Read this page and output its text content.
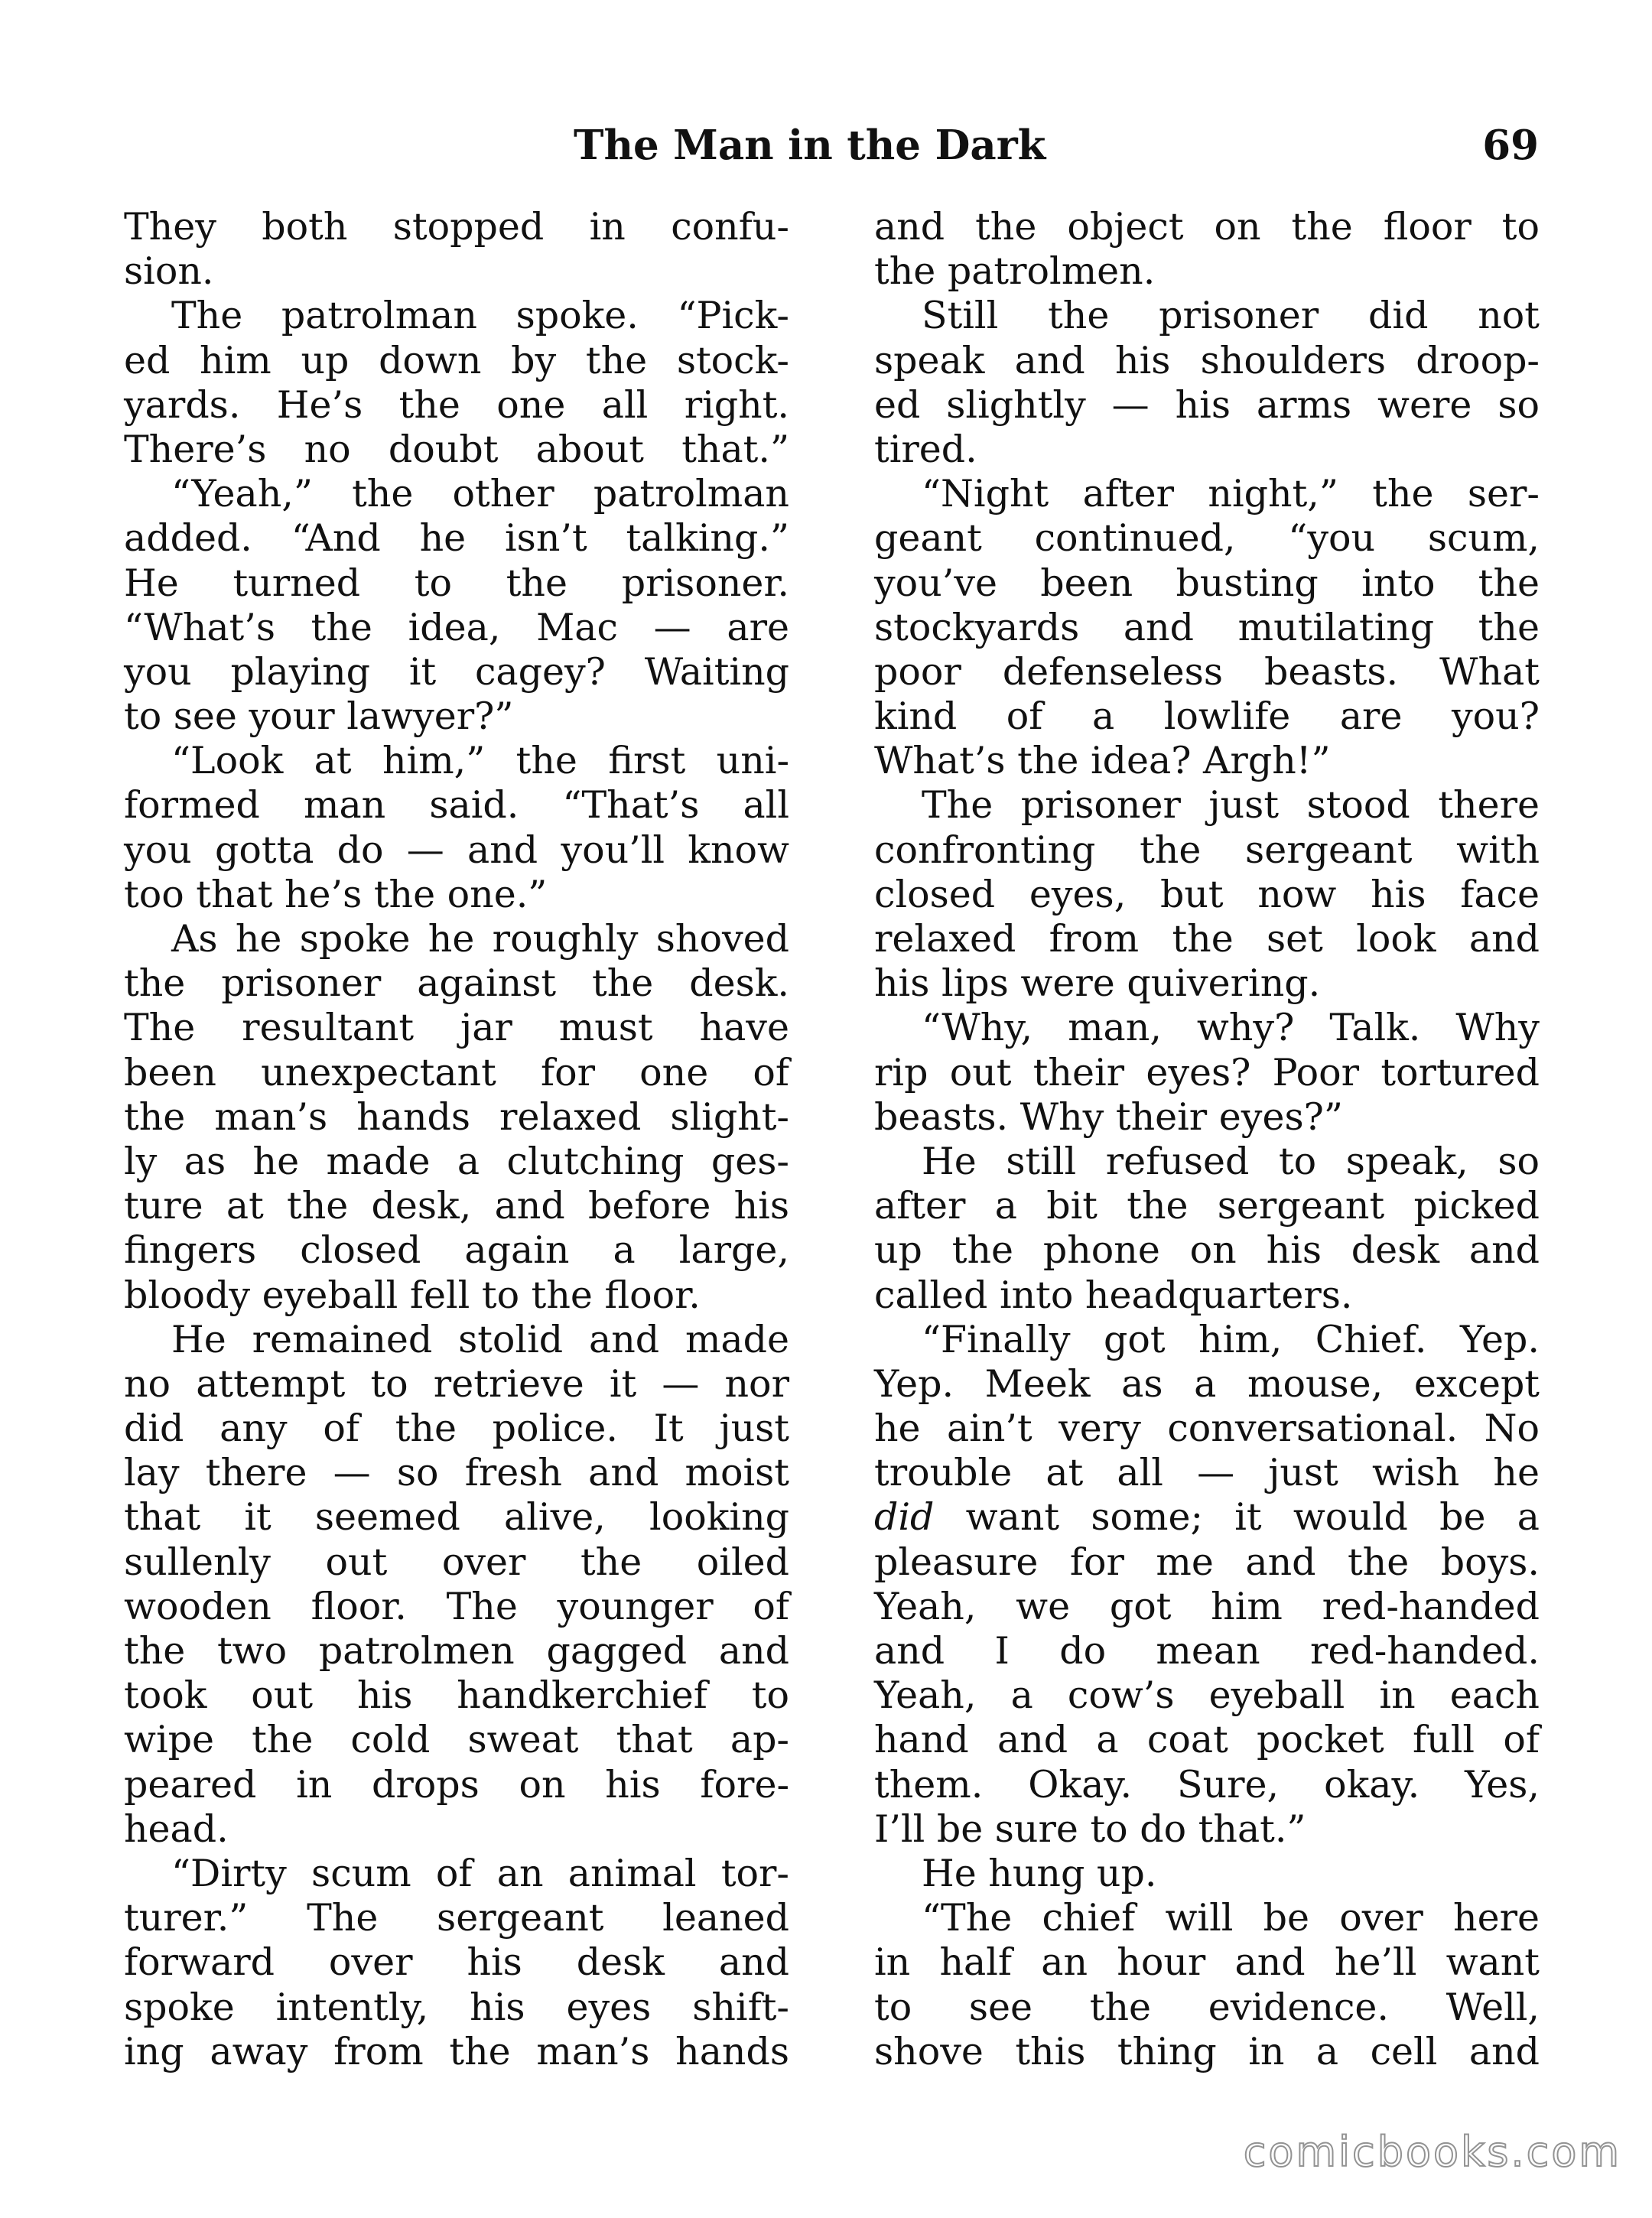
The Man in the Dark	69
They both stopped in confu-
sion.
The patrolman spoke. “Pick-
ed him up down by the stock-
yards. He’s the one all right.
There’s no doubt about that.”
“Yeah,” the other patrolman
added. “And he isn’t talking.”
He turned to the prisoner.
“What’s the idea, Mac — are
you playing it cagey? Waiting
to see your lawyer?”
“Look at him,” the first uni-
formed man said. “That’s all
you gotta do — and you’ll know
too that he’s the one.”
As he spoke he roughly shoved
the prisoner against the desk.
The resultant jar must have
been unexpectant for one of
the man’s hands relaxed slight-
ly as he made a clutching ges-
ture at the desk, and before his
fingers closed again a large,
bloody eyeball fell to the floor.
He remained stolid and made
no attempt to retrieve it — nor
did any of the police. It just
lay there — so fresh and moist
that it seemed alive, looking
sullenly out over the oiled
wooden floor. The younger of
the two patrolmen gagged and
took out his handkerchief to
wipe the cold sweat that ap-
peared in drops on his fore-
head.
“Dirty scum of an animal tor-
turer.” The sergeant leaned
forward over his desk and
spoke intently, his eyes shift-
ing away from the man’s hands
and the object on the floor to
the patrolmen.
Still the prisoner did not
speak and his shoulders droop-
ed slightly — his arms were so
tired.
“Night after night,” the ser-
geant continued, “you scum,
you’ve been busting into the
stockyards and mutilating the
poor defenseless beasts. What
kind of a lowlife are you?
What’s the idea? Argh!”
The prisoner just stood there
confronting the sergeant with
closed eyes, but now his face
relaxed from the set look and
his lips were quivering.
“Why, man, why? Talk. Why
rip out their eyes? Poor tortured
beasts. Why their eyes?”
He still refused to speak, so
after a bit the sergeant picked
up the phone on his desk and
called into headquarters.
“Finally got him, Chief. Yep.
Yep. Meek as a mouse, except
he ain’t very conversational. No
trouble at all — just wish he
did want some; it would be a
pleasure for me and the boys.
Yeah, we got him red-handed
and I do mean red-handed.
Yeah, a cow’s eyeball in each
hand and a coat pocket full of
them. Okay. Sure, okay. Yes,
I’ll be sure to do that.”
He hung up.
“The chief will be over here
in half an hour and he’ll want
to see the evidence. Well,
shove this thing in a cell and
comicbooks.com
